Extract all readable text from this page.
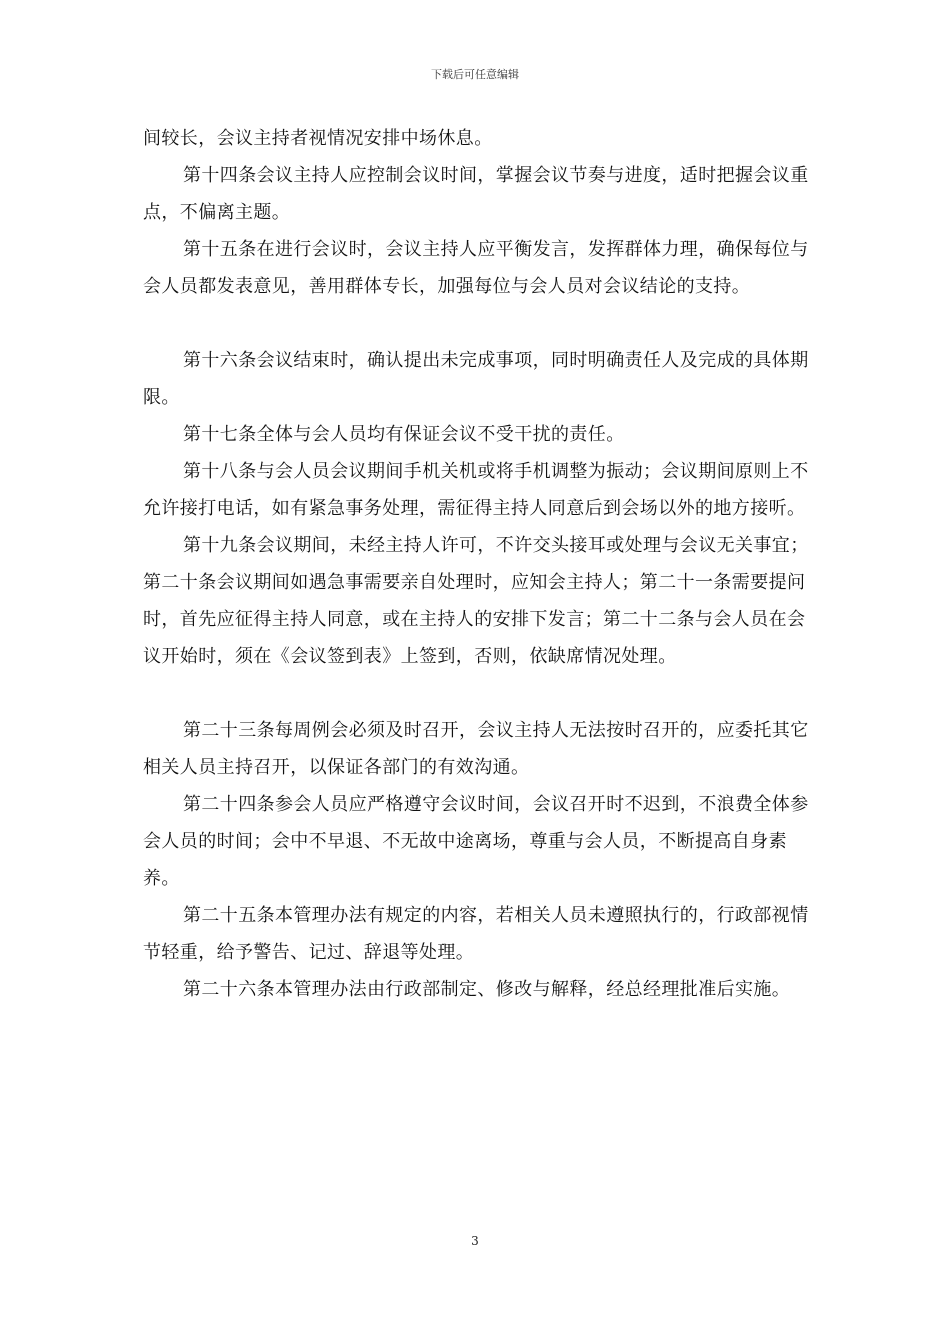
下载后可任意编辑

间较长，会议主持者视情况安排中场休息。

第十四条会议主持人应控制会议时间，掌握会议节奏与进度，适时把握会议重点，不偏离主题。

第十五条在进行会议时，会议主持人应平衡发言，发挥群体力理，确保每位与会人员都发表意见，善用群体专长，加强每位与会人员对会议结论的支持。

第十六条会议结束时，确认提出未完成事项，同时明确责任人及完成的具体期限。

第十七条全体与会人员均有保证会议不受干扰的责任。

第十八条与会人员会议期间手机关机或将手机调整为振动；会议期间原则上不允许接打电话，如有紧急事务处理，需征得主持人同意后到会场以外的地方接听。

第十九条会议期间，未经主持人许可，不许交头接耳或处理与会议无关事宜；第二十条会议期间如遇急事需要亲自处理时，应知会主持人；第二十一条需要提问时，首先应征得主持人同意，或在主持人的安排下发言；第二十二条与会人员在会议开始时，须在《会议签到表》上签到，否则，依缺席情况处理。

第二十三条每周例会必须及时召开，会议主持人无法按时召开的，应委托其它相关人员主持召开，以保证各部门的有效沟通。

第二十四条参会人员应严格遵守会议时间，会议召开时不迟到，不浪费全体参会人员的时间；会中不早退、不无故中途离场，尊重与会人员，不断提高自身素养。

第二十五条本管理办法有规定的内容，若相关人员未遵照执行的，行政部视情节轻重，给予警告、记过、辞退等处理。

第二十六条本管理办法由行政部制定、修改与解释，经总经理批准后实施。

3
